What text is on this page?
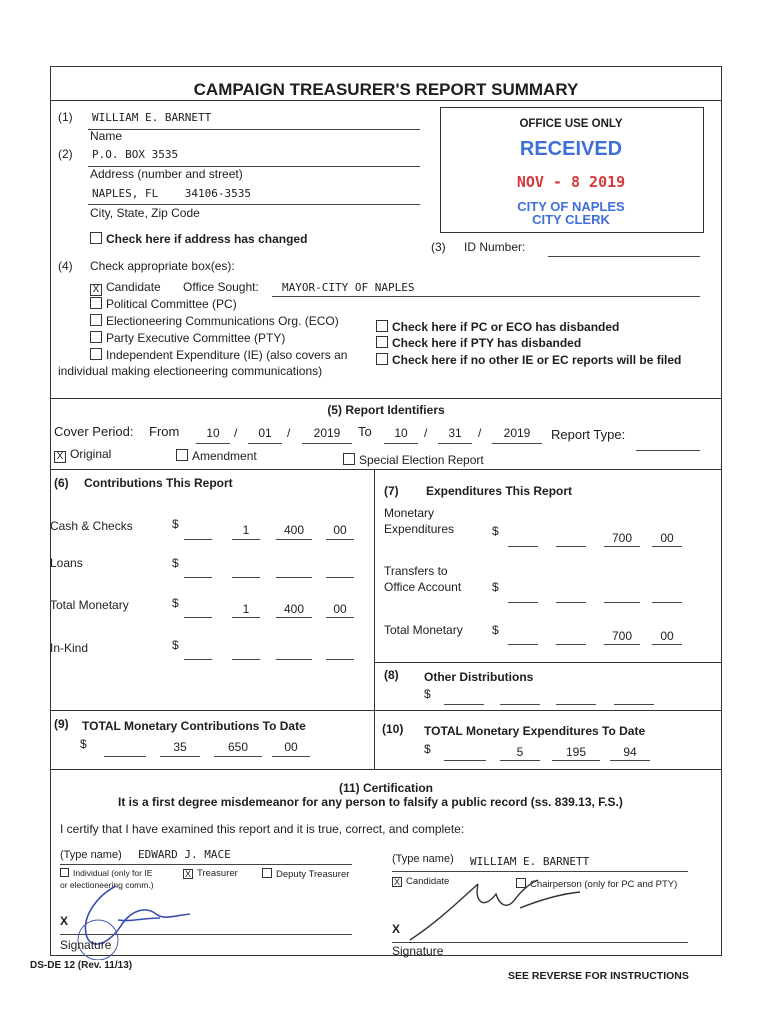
CAMPAIGN TREASURER'S REPORT SUMMARY
(1) WILLIAM E. BARNETT
Name
(2) P.O. BOX 3535
Address (number and street)
NAPLES, FL    34106-3535
City, State, Zip Code
Check here if address has changed
OFFICE USE ONLY
RECEIVED
NOV - 8 2019
CITY OF NAPLES
CITY CLERK
(3) ID Number:
(4) Check appropriate box(es):
X Candidate Office Sought: MAYOR-CITY OF NAPLES
Political Committee (PC)
Electioneering Communications Org. (ECO)
Party Executive Committee (PTY)
Independent Expenditure (IE) (also covers an
individual making electioneering communications)
Check here if PC or ECO has disbanded
Check here if PTY has disbanded
Check here if no other IE or EC reports will be filed
(5) Report Identifiers
Cover Period: From	10	/	01	/	2019	To	10	/	31	/	2019	Report Type:
X Original	Amendment	Special Election Report
(6) Contributions This Report
Cash & Checks	$	1	400	00
Loans	$
Total Monetary	$	1	400	00
In-Kind	$
(7) Expenditures This Report
Monetary
Expenditures	$	700	00
Transfers to
Office Account	$
Total Monetary $	700	00
(8) Other Distributions
$
(9) TOTAL Monetary Contributions To Date
$	35	650	00
(10) TOTAL Monetary Expenditures To Date
$	5	195	94
(11) Certification
It is a first degree misdemeanor for any person to falsify a public record (ss. 839.13, F.S.)
I certify that I have examined this report and it is true, correct, and complete:
(Type name) EDWARD J. MACE
Individual (only for IE
or electioneering comm.)
X Treasurer	Deputy Treasurer
X
Signature
(Type name) WILLIAM E. BARNETT
X Candidate	Chairperson (only for PC and PTY)
X
Signature
DS-DE 12 (Rev. 11/13)
SEE REVERSE FOR INSTRUCTIONS
